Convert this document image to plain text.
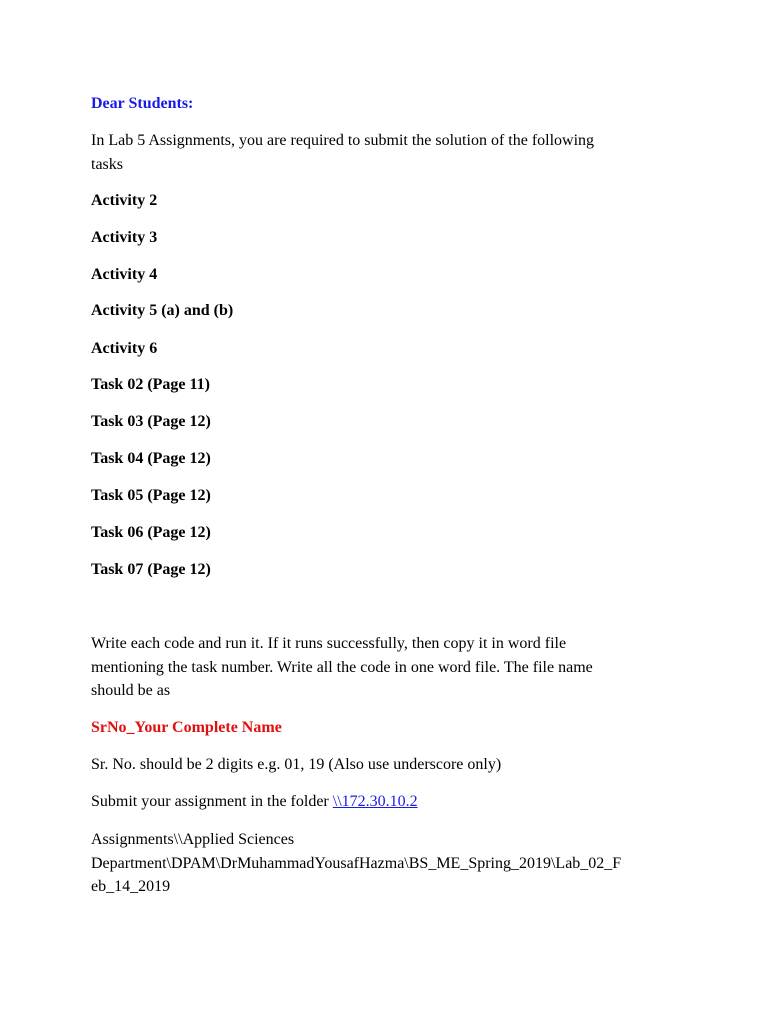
Dear Students:
In Lab 5 Assignments, you are required to submit the solution of the following
tasks
Activity 2
Activity 3
Activity 4
Activity 5 (a) and (b)
Activity 6
Task 02 (Page 11)
Task 03 (Page 12)
Task 04 (Page 12)
Task 05 (Page 12)
Task 06 (Page 12)
Task 07 (Page 12)
Write each code and run it. If it runs successfully, then copy it in word file
mentioning the task number. Write all the code in one word file. The file name
should be as
SrNo_Your Complete Name
Sr. No. should be 2 digits e.g. 01, 19 (Also use underscore only)
Submit your assignment in the folder \\172.30.10.2
Assignments\\Applied Sciences
Department\DPAM\DrMuhammadYousafHazma\BS_ME_Spring_2019\Lab_02_F
eb_14_2019
